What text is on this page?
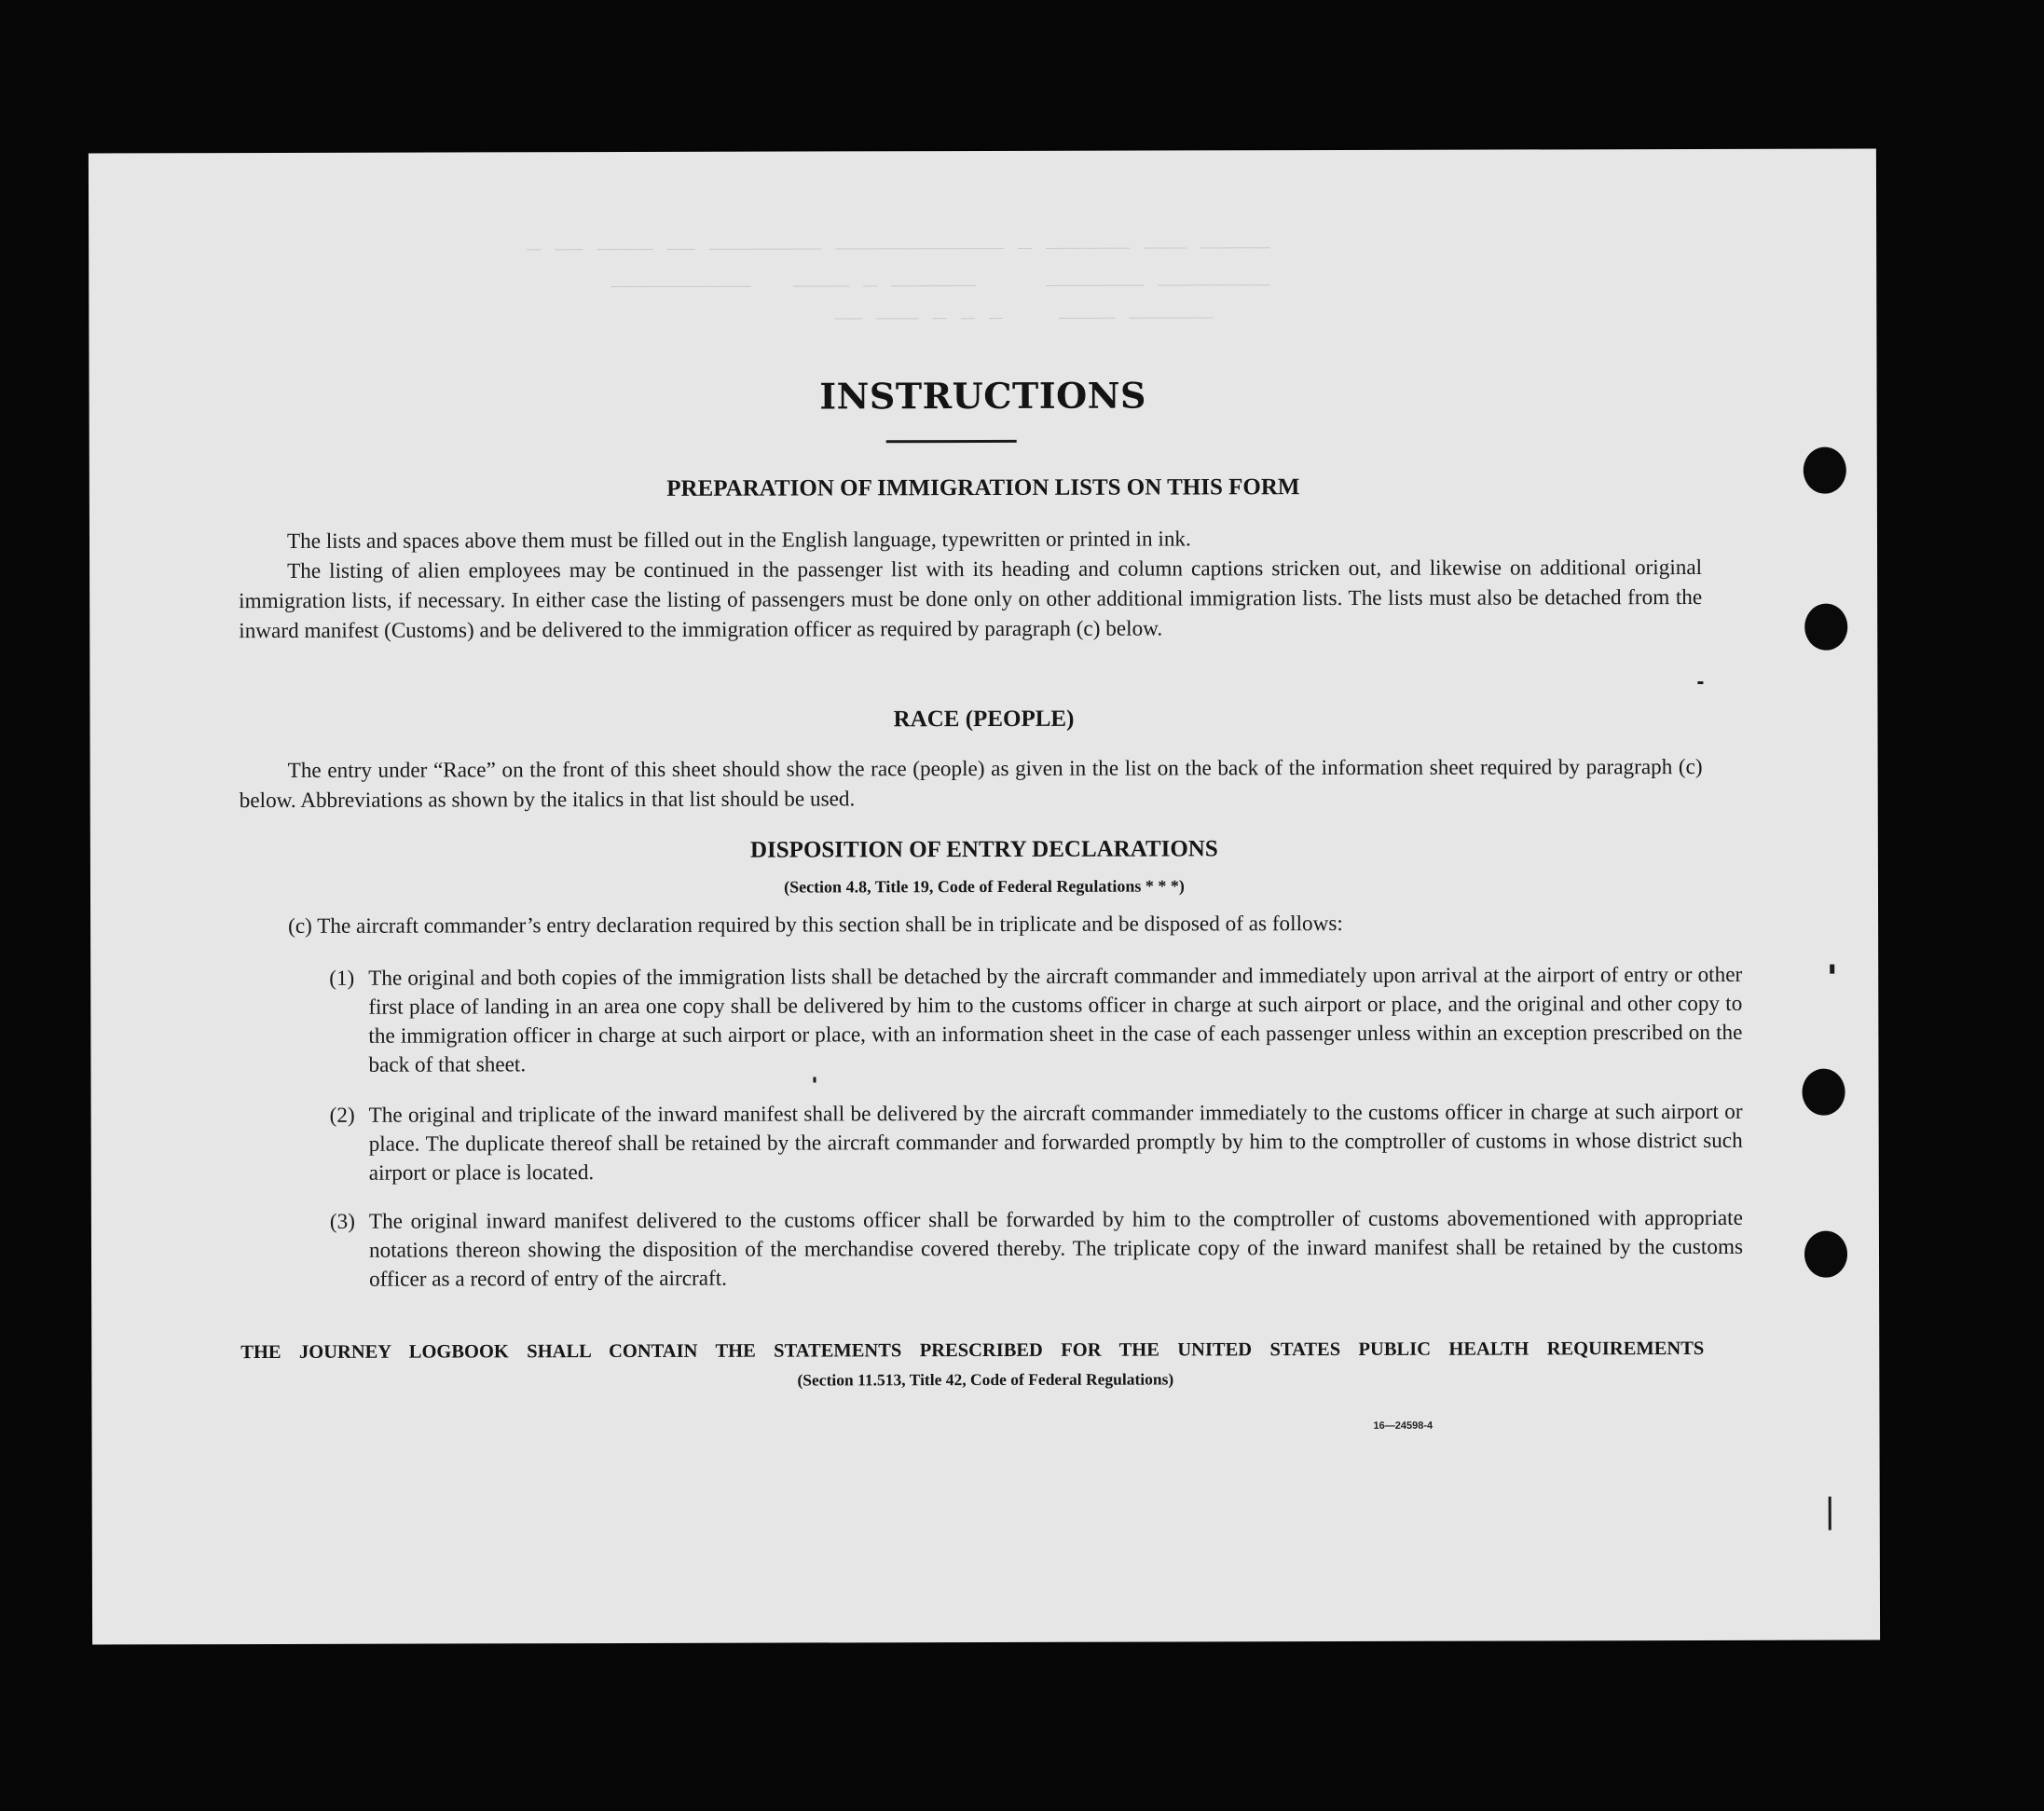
‾ ‾‾ ‾‾‾‾ ‾‾ ‾‾‾‾‾‾‾‾ ‾‾‾‾‾‾‾‾‾‾‾‾ ‾ ‾‾‾‾‾‾ ‾‾‾ ‾‾‾‾‾
‾‾‾‾‾‾‾‾‾‾   ‾‾‾‾ ‾ ‾‾‾‾‾‾     ‾‾‾‾‾‾‾ ‾‾‾‾‾‾‾‾
‾‾ ‾‾‾ ‾ ‾ ‾    ‾‾‾‾ ‾‾‾‾‾‾
INSTRUCTIONS
PREPARATION OF IMMIGRATION LISTS ON THIS FORM
The lists and spaces above them must be filled out in the English language, typewritten or printed in ink.
The listing of alien employees may be continued in the passenger list with its heading and column captions stricken out, and likewise on additional original immigration lists, if necessary. In either case the listing of passengers must be done only on other additional immigration lists. The lists must also be detached from the inward manifest (Customs) and be delivered to the immigration officer as required by paragraph (c) below.
RACE (PEOPLE)
The entry under “Race” on the front of this sheet should show the race (people) as given in the list on the back of the information sheet required by paragraph (c) below. Abbreviations as shown by the italics in that list should be used.
DISPOSITION OF ENTRY DECLARATIONS
(Section 4.8, Title 19, Code of Federal Regulations * * *)
(c) The aircraft commander’s entry declaration required by this section shall be in triplicate and be disposed of as follows:
(1) The original and both copies of the immigration lists shall be detached by the aircraft commander and immediately upon arrival at the airport of entry or other first place of landing in an area one copy shall be delivered by him to the customs officer in charge at such airport or place, and the original and other copy to the immigration officer in charge at such airport or place, with an information sheet in the case of each passenger unless within an exception prescribed on the back of that sheet.
(2) The original and triplicate of the inward manifest shall be delivered by the aircraft commander immediately to the customs officer in charge at such airport or place. The duplicate thereof shall be retained by the aircraft commander and forwarded promptly by him to the comptroller of customs in whose district such airport or place is located.
(3) The original inward manifest delivered to the customs officer shall be forwarded by him to the comptroller of customs abovementioned with appropriate notations thereon showing the disposition of the merchandise covered thereby. The triplicate copy of the inward manifest shall be retained by the customs officer as a record of entry of the aircraft.
THE JOURNEY LOGBOOK SHALL CONTAIN THE STATEMENTS PRESCRIBED FOR THE UNITED STATES PUBLIC HEALTH REQUIREMENTS
(Section 11.513, Title 42, Code of Federal Regulations)
16—24598-4
